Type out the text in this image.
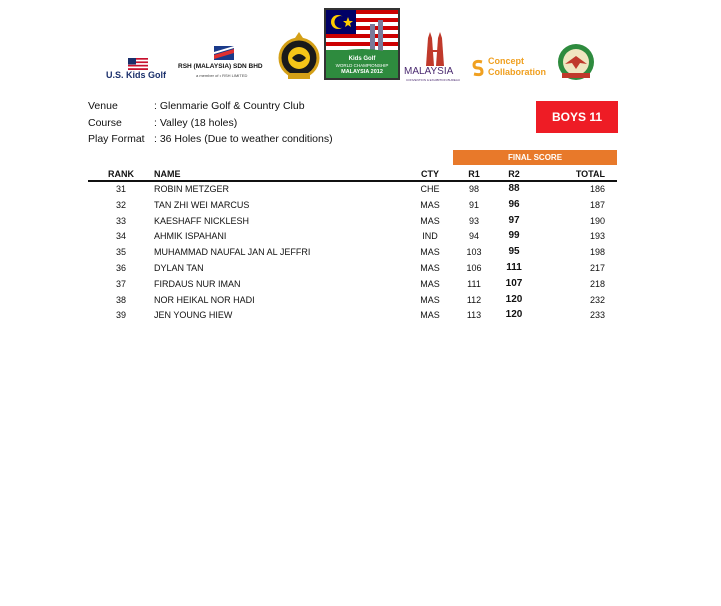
U.S. Kids Golf
RSH (MALAYSIA) SDN BHD
a member of • RSH LIMITED
Kids Golf
WORLD CHAMPIONSHIP
MALAYSIA 2012	MALAYSIA
CONVENTION & EXHIBITION BUREAU
Concept
Collaboration
Venue	: Glenmarie Golf & Country Club
Course	: Valley (18 holes)
Play Format : 36 Holes (Due to weather conditions)
BOYS 11
FINAL SCORE
RANK	NAME	CTY	R1	R2	TOTAL
31	ROBIN METZGER	CHE	98	88	186
32	TAN ZHI WEI MARCUS	MAS	91	96	187
33	KAESHAFF NICKLESH	MAS	93	97	190
34	AHMIK ISPAHANI	IND	94	99	193
35	MUHAMMAD NAUFAL JAN AL JEFFRI	MAS	103	95	198
36	DYLAN TAN	MAS	106	111	217
37	FIRDAUS NUR IMAN	MAS	111	107	218
38	NOR HEIKAL NOR HADI	MAS	112	120	232
39	JEN YOUNG HIEW	MAS	113	120	233
